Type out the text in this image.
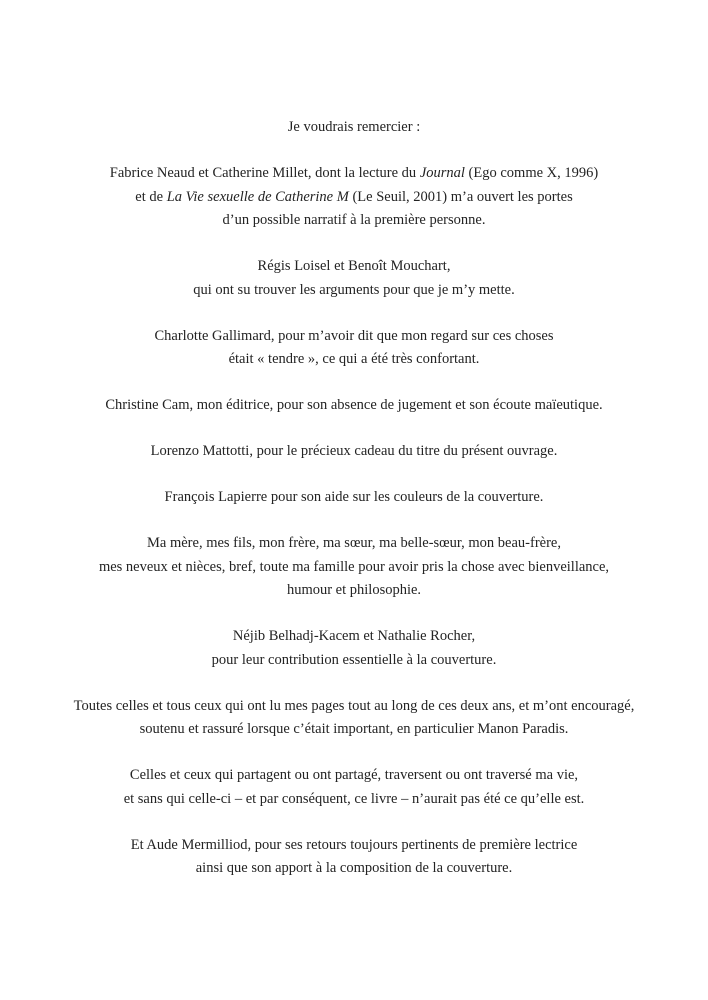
Je voudrais remercier :

Fabrice Neaud et Catherine Millet, dont la lecture du Journal (Ego comme X, 1996)
et de La Vie sexuelle de Catherine M (Le Seuil, 2001) m’a ouvert les portes
d’un possible narratif à la première personne.

Régis Loisel et Benoît Mouchart,
qui ont su trouver les arguments pour que je m’y mette.

Charlotte Gallimard, pour m’avoir dit que mon regard sur ces choses
était « tendre », ce qui a été très confortant.

Christine Cam, mon éditrice, pour son absence de jugement et son écoute maïeutique.

Lorenzo Mattotti, pour le précieux cadeau du titre du présent ouvrage.

François Lapierre pour son aide sur les couleurs de la couverture.

Ma mère, mes fils, mon frère, ma sœur, ma belle-sœur, mon beau-frère,
mes neveux et nièces, bref, toute ma famille pour avoir pris la chose avec bienveillance,
humour et philosophie.

Néjib Belhadj-Kacem et Nathalie Rocher,
pour leur contribution essentielle à la couverture.

Toutes celles et tous ceux qui ont lu mes pages tout au long de ces deux ans, et m’ont encouragé,
soutenu et rassuré lorsque c’était important, en particulier Manon Paradis.

Celles et ceux qui partagent ou ont partagé, traversent ou ont traversé ma vie,
et sans qui celle-ci – et par conséquent, ce livre – n’aurait pas été ce qu’elle est.

Et Aude Mermilliod, pour ses retours toujours pertinents de première lectrice
ainsi que son apport à la composition de la couverture.
